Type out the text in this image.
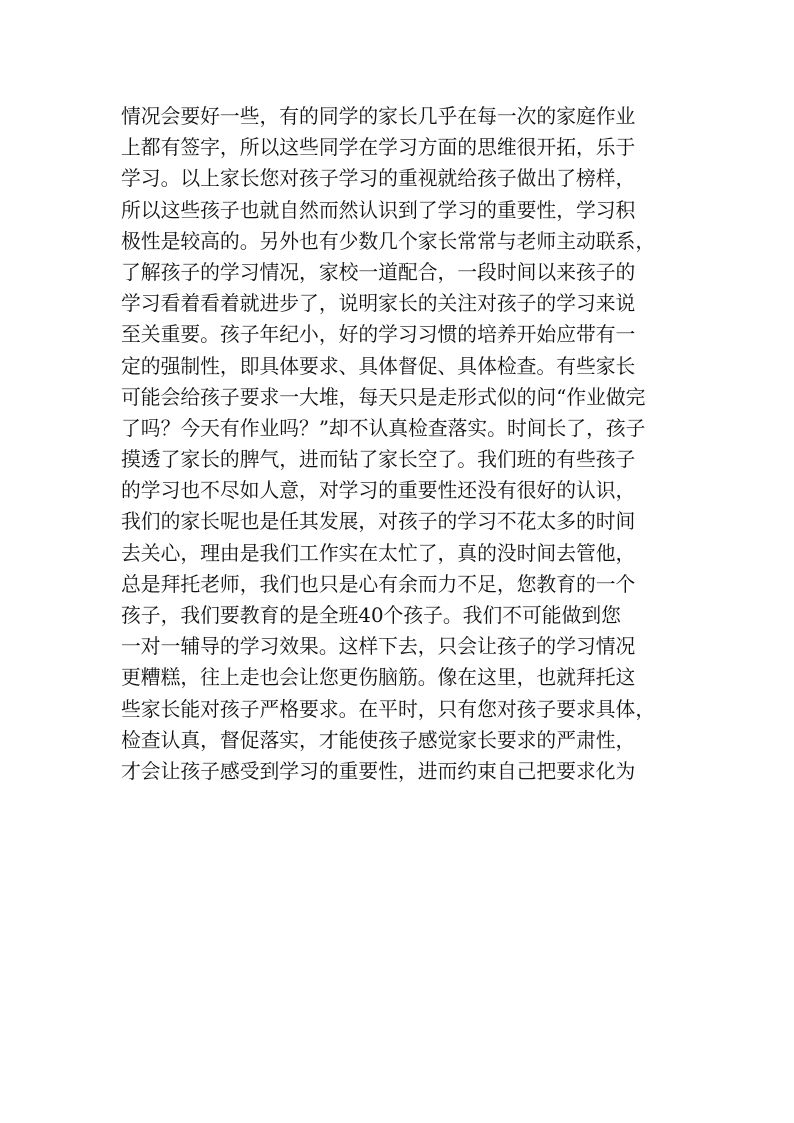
情况会要好一些，有的同学的家长几乎在每一次的家庭作业
上都有签字，所以这些同学在学习方面的思维很开拓，乐于
学习。以上家长您对孩子学习的重视就给孩子做出了榜样，
所以这些孩子也就自然而然认识到了学习的重要性，学习积
极性是较高的。另外也有少数几个家长常常与老师主动联系，
了解孩子的学习情况，家校一道配合，一段时间以来孩子的
学习看着看着就进步了，说明家长的关注对孩子的学习来说
至关重要。孩子年纪小，好的学习习惯的培养开始应带有一
定的强制性，即具体要求、具体督促、具体检查。有些家长
可能会给孩子要求一大堆，每天只是走形式似的问“作业做完
了吗？今天有作业吗？”却不认真检查落实。时间长了，孩子
摸透了家长的脾气，进而钻了家长空了。我们班的有些孩子
的学习也不尽如人意，对学习的重要性还没有很好的认识，
我们的家长呢也是任其发展，对孩子的学习不花太多的时间
去关心，理由是我们工作实在太忙了，真的没时间去管他，
总是拜托老师，我们也只是心有余而力不足，您教育的一个
孩子，我们要教育的是全班40个孩子。我们不可能做到您
一对一辅导的学习效果。这样下去，只会让孩子的学习情况
更糟糕，往上走也会让您更伤脑筋。像在这里，也就拜托这
些家长能对孩子严格要求。在平时，只有您对孩子要求具体，
检查认真，督促落实，才能使孩子感觉家长要求的严肃性，
才会让孩子感受到学习的重要性，进而约束自己把要求化为
